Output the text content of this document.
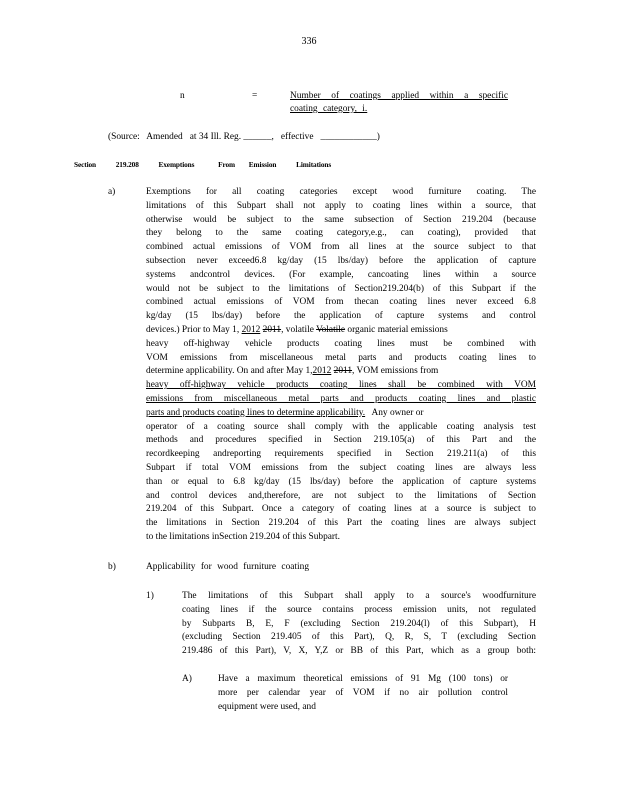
336
n	=	Number of coatings applied within a specific
coating category, i.
(Source:   Amended   at 34 Ill. Reg. ______,   effective   ____________)
Section	219.208	Exemptions	From Emission	Limitations
a)	Exemptions for all coating categories except wood furniture coating. The
limitations of this Subpart shall not apply to coating lines within a source, that
otherwise would be subject to the same subsection of Section 219.204 (because
they belong to the same coating category,e.g., can coating), provided that
combined actual emissions of VOM from all lines at the source subject to that
subsection never exceed6.8 kg/day (15 lbs/day) before the application of capture
systems andcontrol devices. (For example, cancoating lines within a source
would not be subject to the limitations of Section219.204(b) of this Subpart if the
combined actual emissions of VOM from thecan coating lines never exceed 6.8
kg/day (15 lbs/day) before the application of capture systems and control
devices.) Prior to May 1, 2012 2011, volatile Volatile organic material emissions
heavy off-highway vehicle products coating lines must be combined with
VOM emissions from miscellaneous metal parts and products coating lines to
determine applicability. On and after May 1,2012 2011, VOM emissions from
heavy off-highway vehicle products coating lines shall be combined with VOM
emissions from miscellaneous metal parts and products coating lines and plastic
parts and products coating lines to determine applicability. Any owner or
operator of a coating source shall comply with the applicable coating analysis test
methods and procedures specified in Section 219.105(a) of this Part and the
recordkeeping andreporting requirements specified in Section 219.211(a) of this
Subpart if total VOM emissions from the subject coating lines are always less
than or equal to 6.8 kg/day (15 lbs/day) before the application of capture systems
and control devices and,therefore, are not subject to the limitations of Section
219.204 of this Subpart. Once a category of coating lines at a source is subject to
the limitations in Section 219.204 of this Part the coating lines are always subject
to the limitations inSection 219.204 of this Subpart.
b)	Applicability for wood furniture coating
1)	The limitations of this Subpart shall apply to a source's woodfurniture
coating lines if the source contains process emission units, not regulated
by Subparts B, E, F (excluding Section 219.204(l) of this Subpart), H
(excluding Section 219.405 of this Part), Q, R, S, T (excluding Section
219.486 of this Part), V, X, Y,Z or BB of this Part, which as a group both:
A)	Have a maximum theoretical emissions of 91 Mg (100 tons) or
more per calendar year of VOM if no air pollution control
equipment were used, and
